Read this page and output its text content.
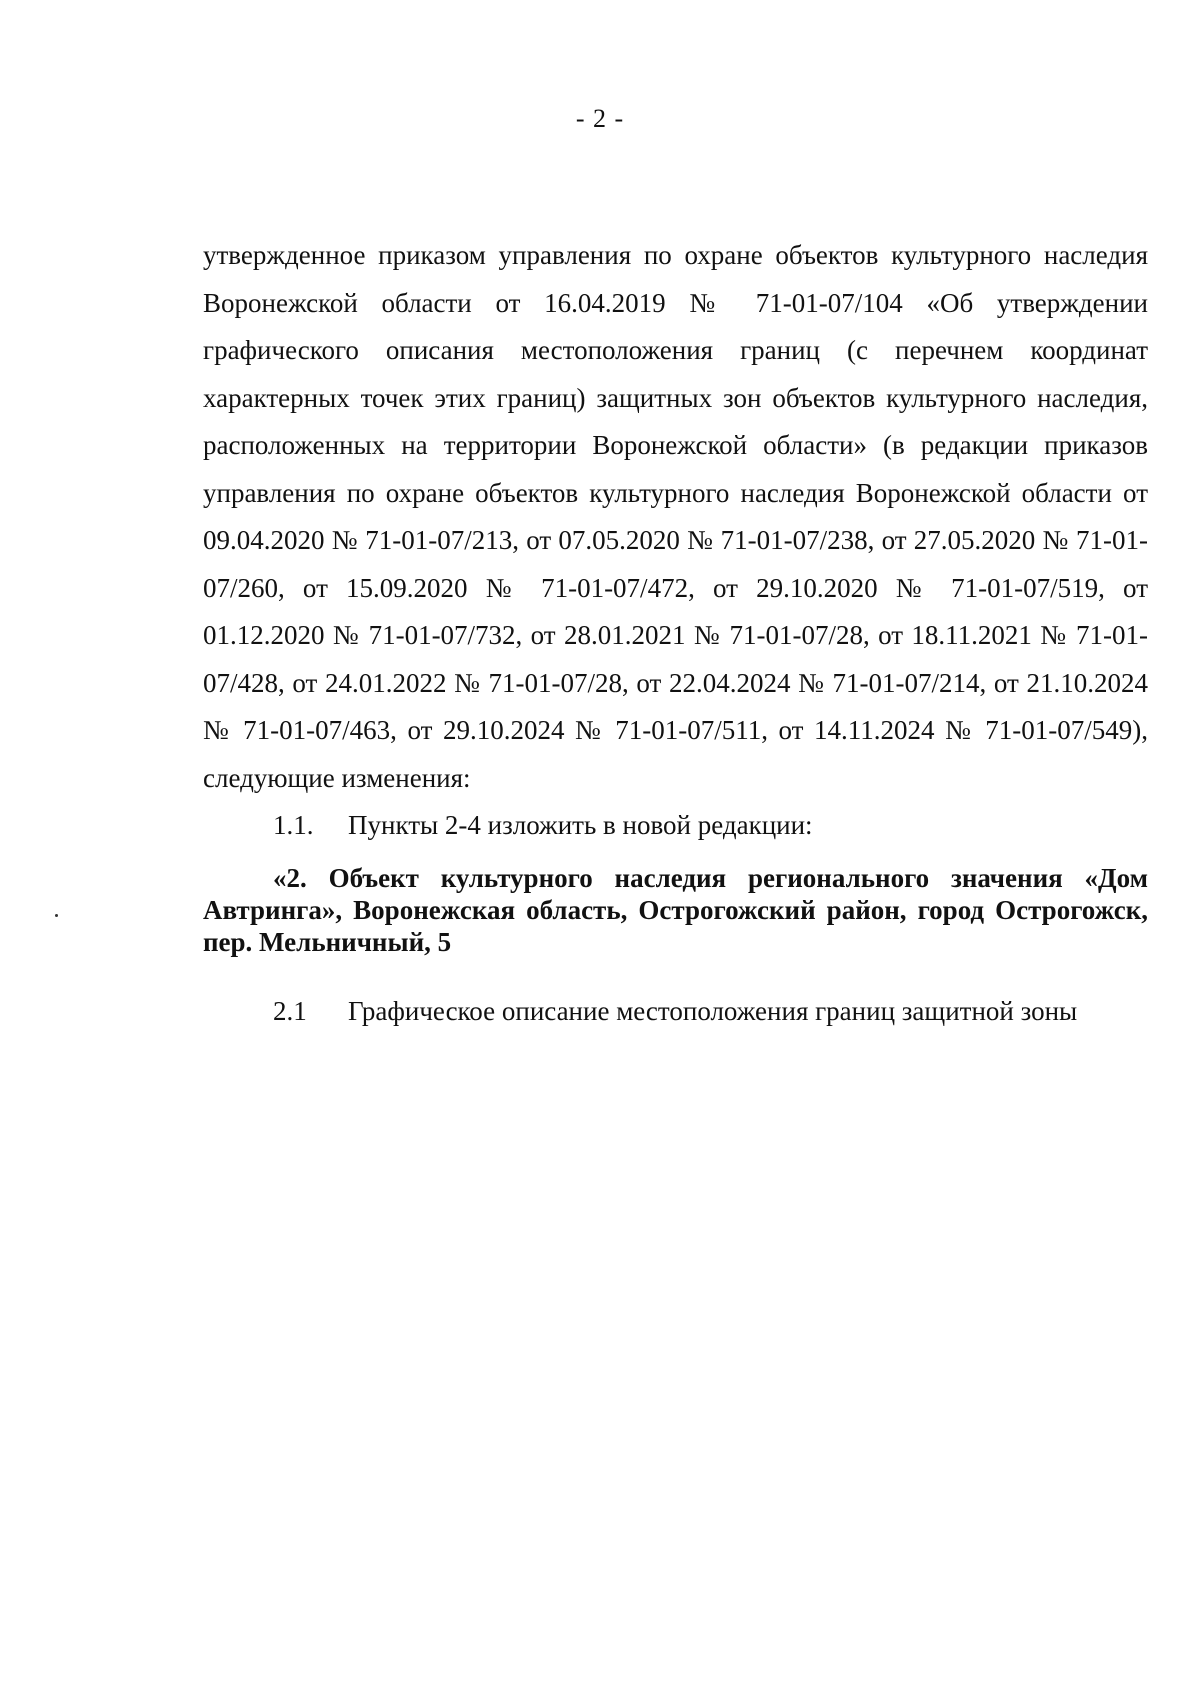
- 2 -

утвержденное приказом управления по охране объектов культурного наследия Воронежской области от 16.04.2019 № 71-01-07/104 «Об утверждении графического описания местоположения границ (с перечнем координат характерных точек этих границ) защитных зон объектов культурного наследия, расположенных на территории Воронежской области» (в редакции приказов управления по охране объектов культурного наследия Воронежской области от 09.04.2020 № 71-01-07/213, от 07.05.2020 № 71-01-07/238, от 27.05.2020 № 71-01-07/260, от 15.09.2020 № 71-01-07/472, от 29.10.2020 № 71-01-07/519, от 01.12.2020 № 71-01-07/732, от 28.01.2021 № 71-01-07/28, от 18.11.2021 № 71-01-07/428, от 24.01.2022 № 71-01-07/28, от 22.04.2024 № 71-01-07/214, от 21.10.2024 № 71-01-07/463, от 29.10.2024 № 71-01-07/511, от 14.11.2024 № 71-01-07/549), следующие изменения:

1.1.	Пункты 2-4 изложить в новой редакции:

«2. Объект культурного наследия регионального значения «Дом Автринга», Воронежская область, Острогожский район, город Острогожск, пер. Мельничный, 5

2.1	Графическое описание местоположения границ защитной зоны
